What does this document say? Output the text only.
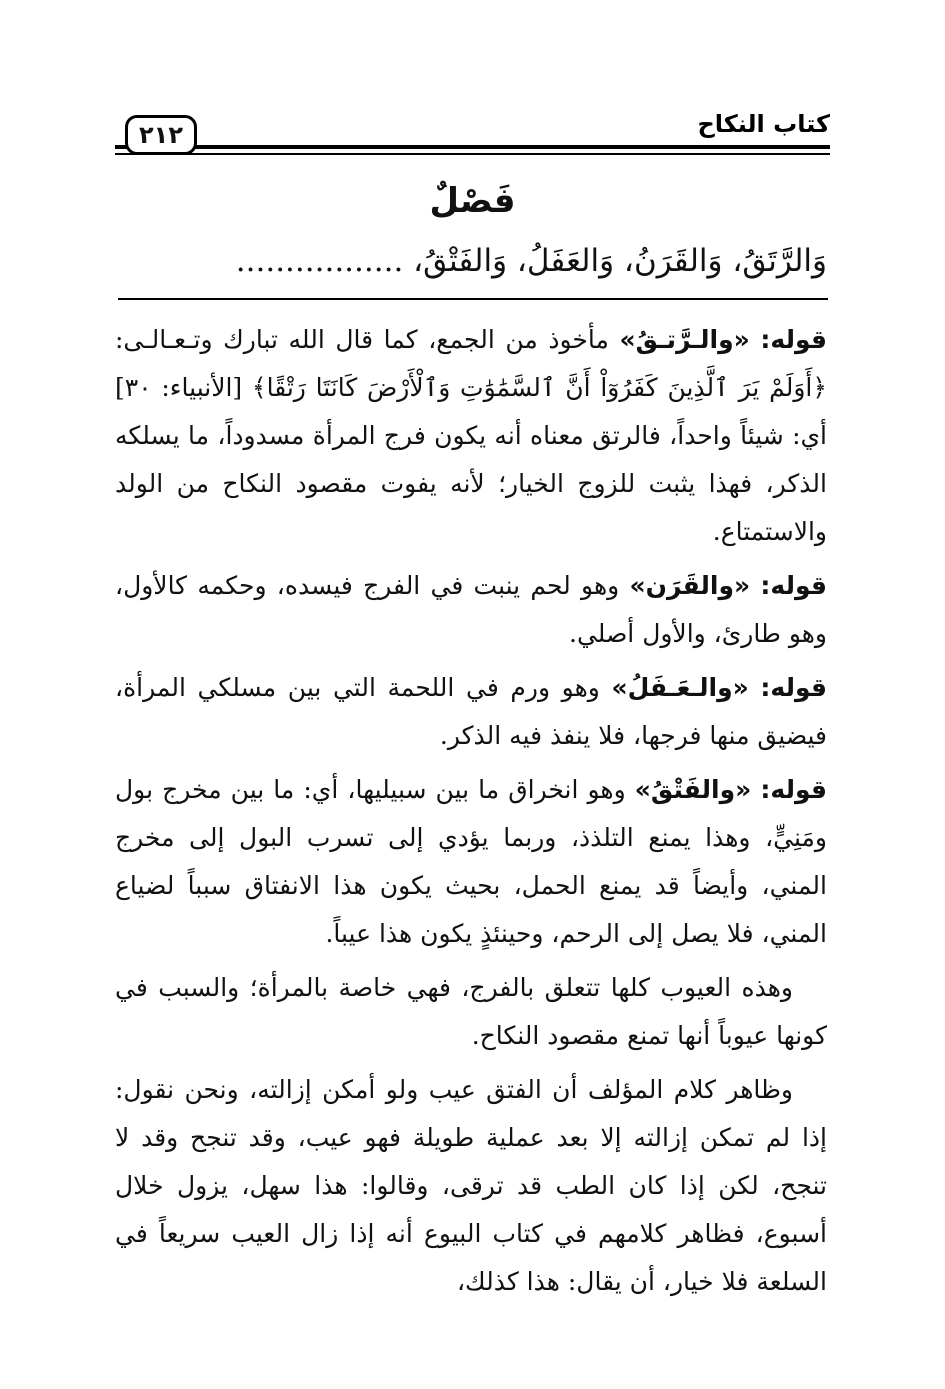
كتاب النكاح
٢١٢
فَصْلٌ
وَالرَّتَقُ، وَالقَرَنُ، وَالعَفَلُ، وَالفَتْقُ، .................

قوله: «والـرَّتـقُ» مأخوذ من الجمع، كما قال الله تبارك وتـعـالـى: ﴿أَوَلَمْ يَرَ ٱلَّذِينَ كَفَرُوٓاْ أَنَّ ٱلسَّمَٰوَٰتِ وَٱلْأَرْضَ كَانَتَا رَتْقًا﴾ [الأنبياء: ٣٠] أي: شيئاً واحداً، فالرتق معناه أنه يكون فرج المرأة مسدوداً، ما يسلكه الذكر، فهذا يثبت للزوج الخيار؛ لأنه يفوت مقصود النكاح من الولد والاستمتاع.

قوله: «والقَرَن» وهو لحم ينبت في الفرج فيسده، وحكمه كالأول، وهو طارئ، والأول أصلي.

قوله: «والـعَـفَلُ» وهو ورم في اللحمة التي بين مسلكي المرأة، فيضيق منها فرجها، فلا ينفذ فيه الذكر.

قوله: «والفَتْقُ» وهو انخراق ما بين سبيليها، أي: ما بين مخرج بول ومَنِيٍّ، وهذا يمنع التلذذ، وربما يؤدي إلى تسرب البول إلى مخرج المني، وأيضاً قد يمنع الحمل، بحيث يكون هذا الانفتاق سبباً لضياع المني، فلا يصل إلى الرحم، وحينئذٍ يكون هذا عيباً.

وهذه العيوب كلها تتعلق بالفرج، فهي خاصة بالمرأة؛ والسبب في كونها عيوباً أنها تمنع مقصود النكاح.

وظاهر كلام المؤلف أن الفتق عيب ولو أمكن إزالته، ونحن نقول: إذا لم تمكن إزالته إلا بعد عملية طويلة فهو عيب، وقد تنجح وقد لا تنجح، لكن إذا كان الطب قد ترقى، وقالوا: هذا سهل، يزول خلال أسبوع، فظاهر كلامهم في كتاب البيوع أنه إذا زال العيب سريعاً في السلعة فلا خيار، أن يقال: هذا كذلك،
